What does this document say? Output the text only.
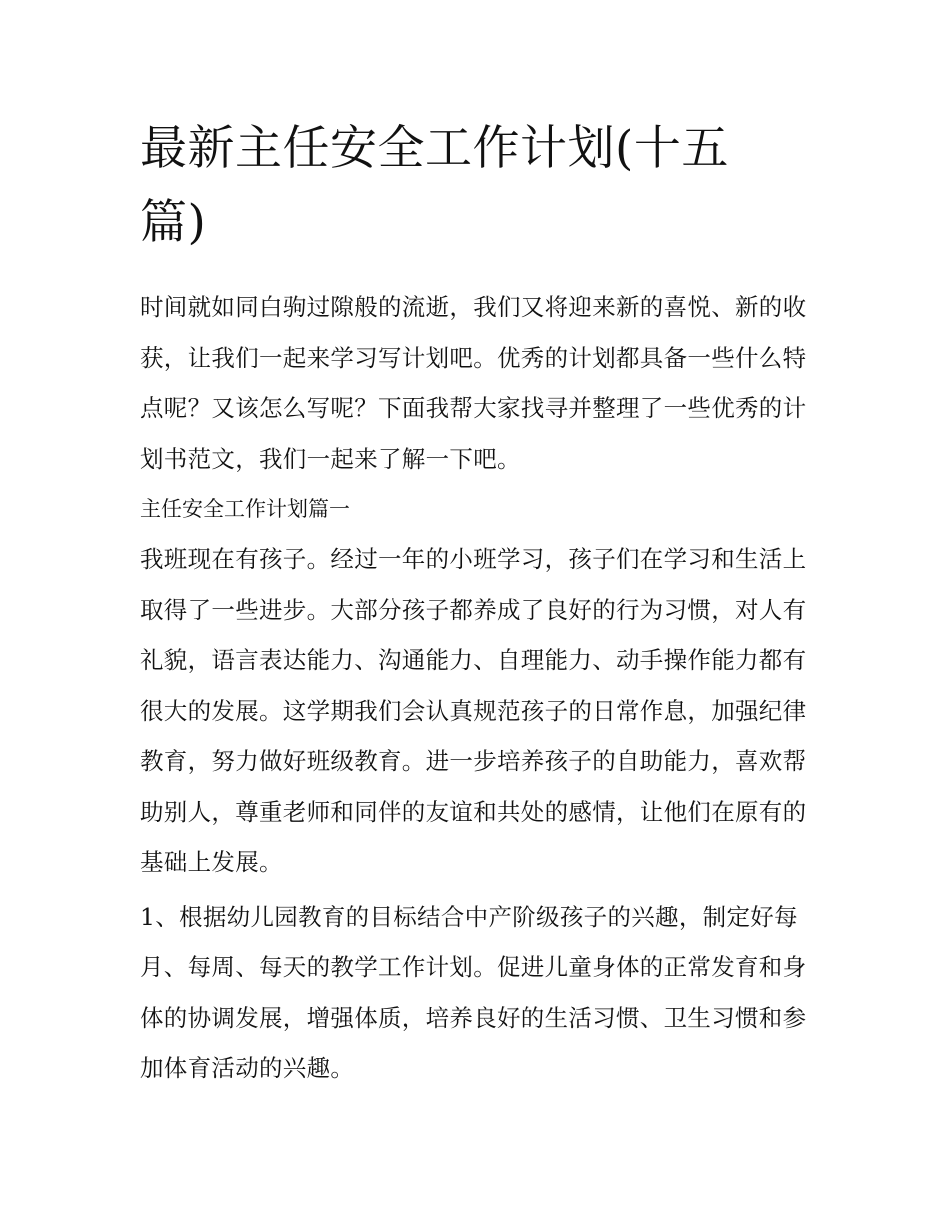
最新主任安全工作计划(十五篇)

时间就如同白驹过隙般的流逝，我们又将迎来新的喜悦、新的收获，让我们一起来学习写计划吧。优秀的计划都具备一些什么特点呢？又该怎么写呢？下面我帮大家找寻并整理了一些优秀的计划书范文，我们一起来了解一下吧。

主任安全工作计划篇一

我班现在有孩子。经过一年的小班学习，孩子们在学习和生活上取得了一些进步。大部分孩子都养成了良好的行为习惯，对人有礼貌，语言表达能力、沟通能力、自理能力、动手操作能力都有很大的发展。这学期我们会认真规范孩子的日常作息，加强纪律教育，努力做好班级教育。进一步培养孩子的自助能力，喜欢帮助别人，尊重老师和同伴的友谊和共处的感情，让他们在原有的基础上发展。

1、根据幼儿园教育的目标结合中产阶级孩子的兴趣，制定好每月、每周、每天的教学工作计划。促进儿童身体的正常发育和身体的协调发展，增强体质，培养良好的生活习惯、卫生习惯和参加体育活动的兴趣。
